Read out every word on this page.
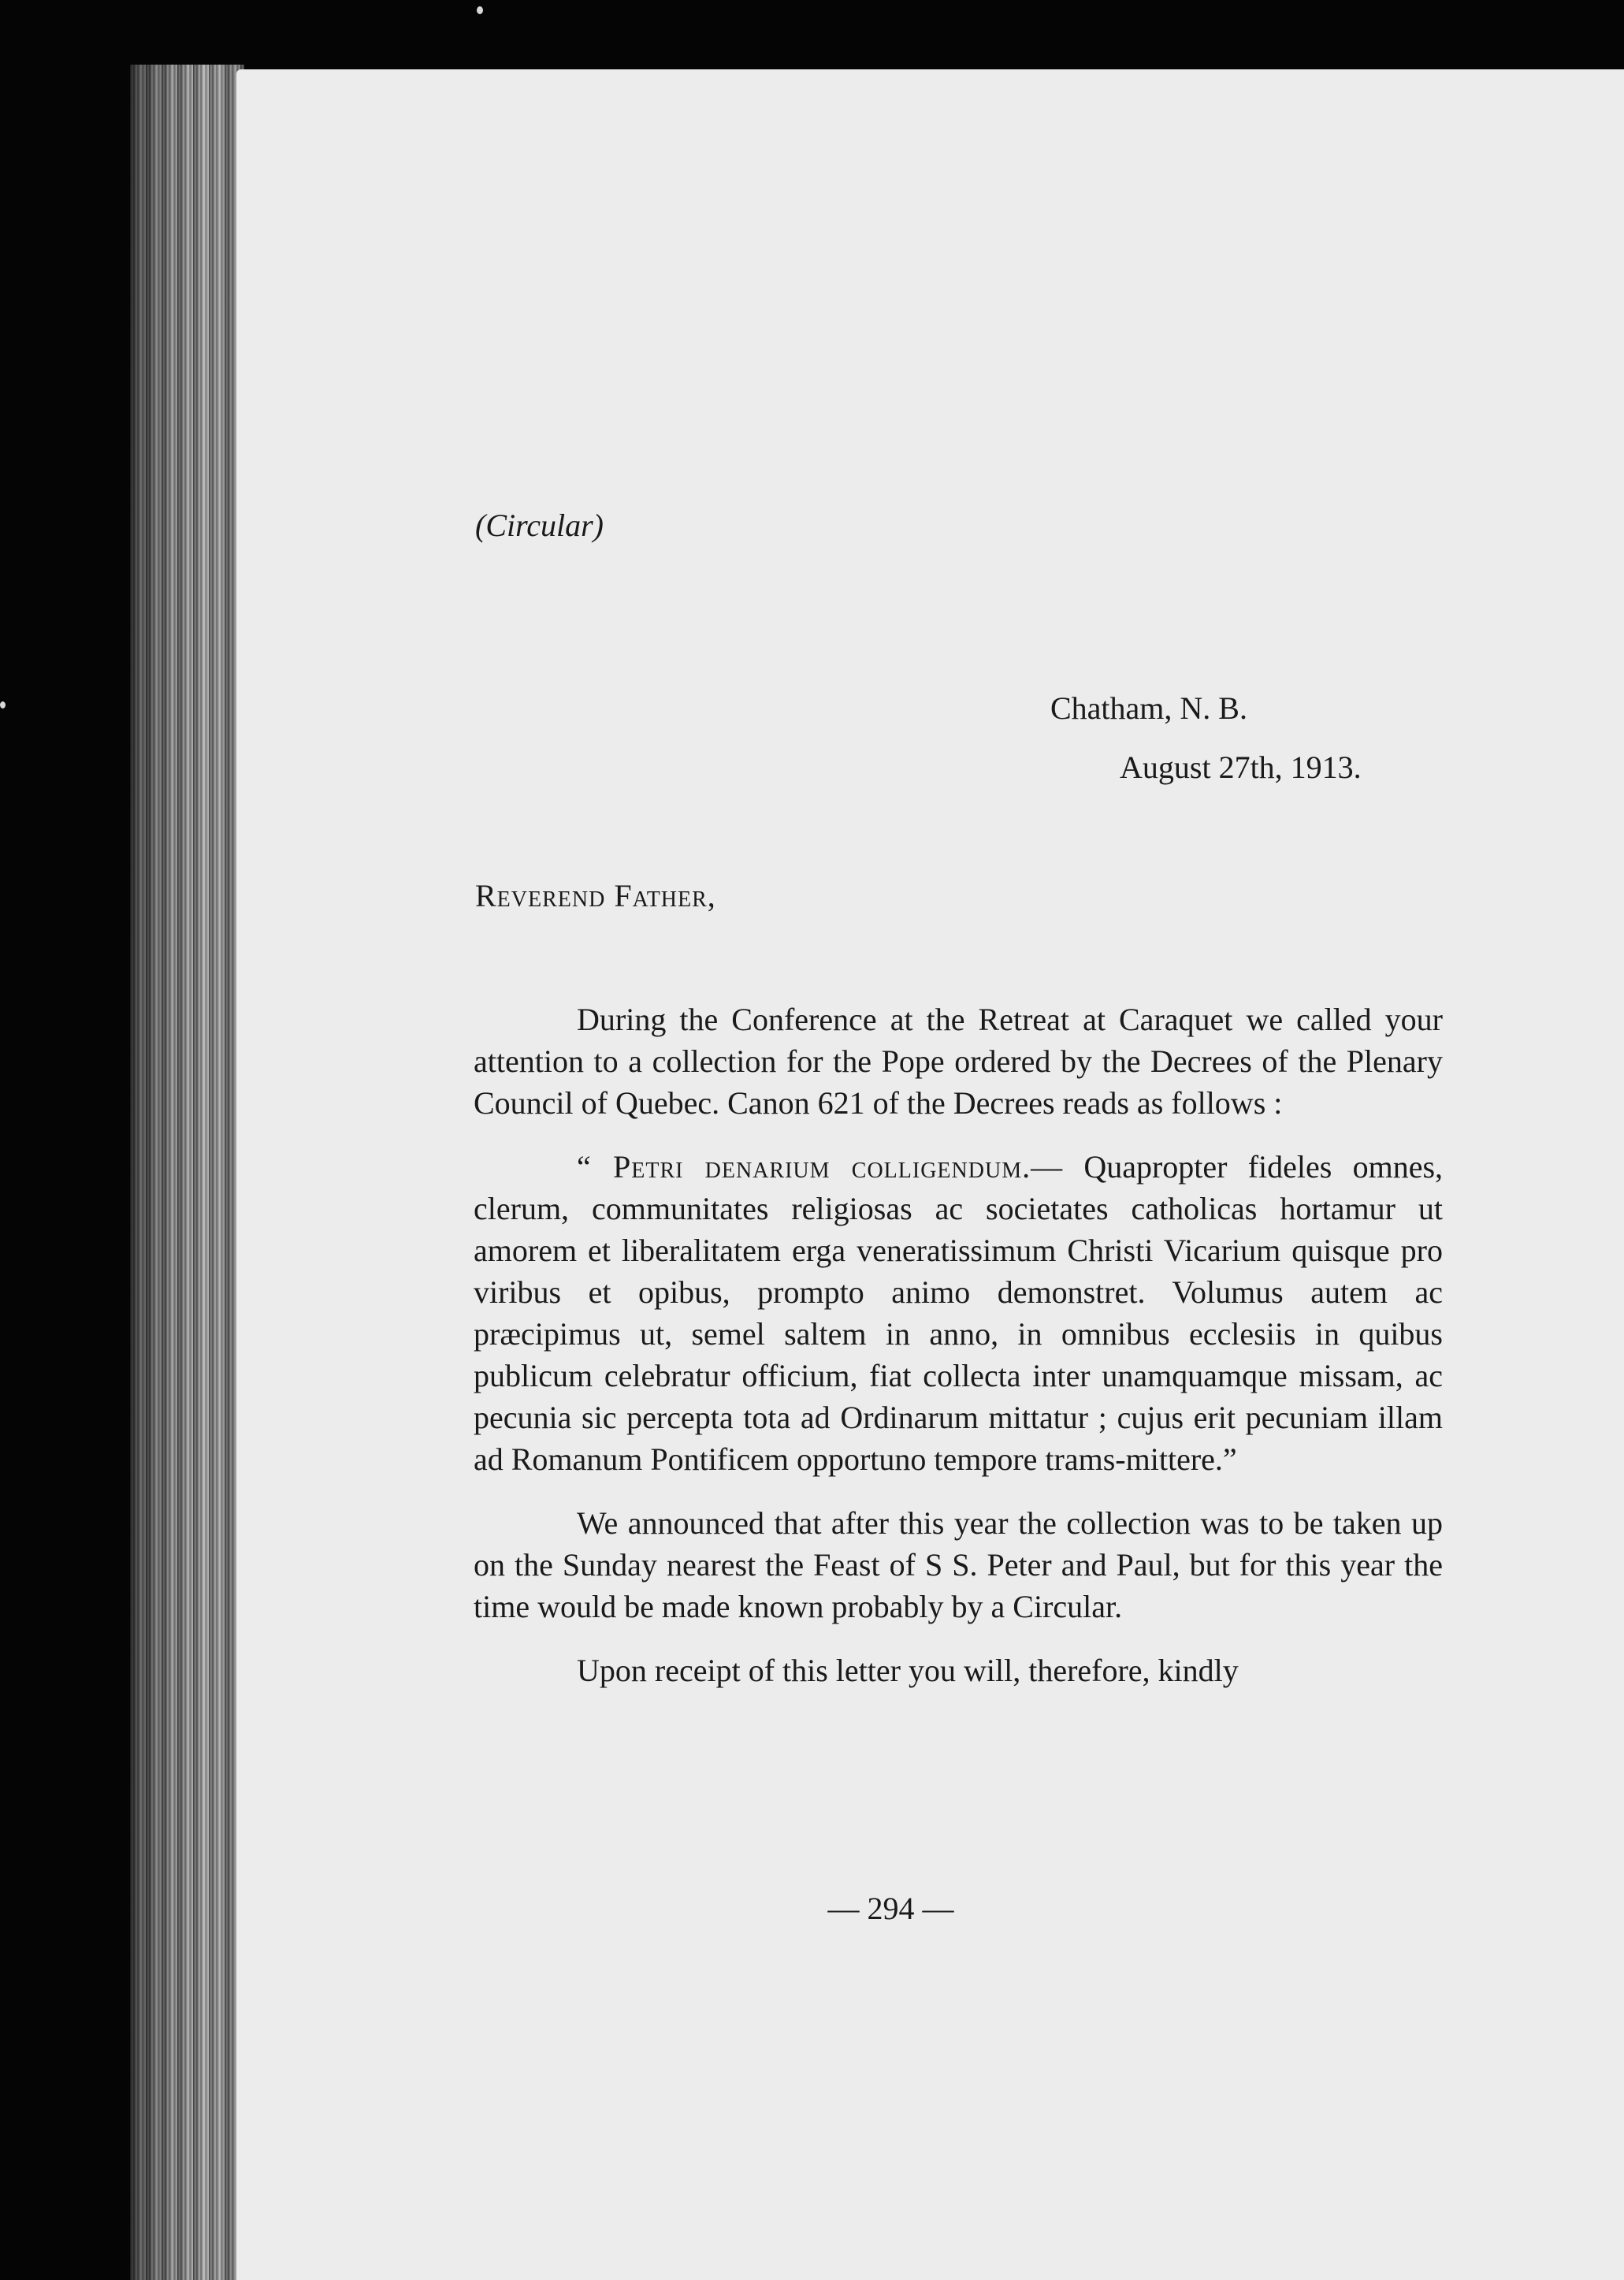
(Circular)
Chatham, N. B.
August 27th, 1913.
Reverend Father,

During the Conference at the Retreat at Caraquet we called your attention to a collection for the Pope ordered by the Decrees of the Plenary Council of Quebec. Canon 621 of the Decrees reads as follows :

“ Petri denarium colligendum.— Quapropter fideles omnes, clerum, communitates religiosas ac societates catholicas hortamur ut amorem et liberalitatem erga veneratissimum Christi Vicarium quisque pro viribus et opibus, prompto animo demonstret. Volumus autem ac præcipimus ut, semel saltem in anno, in omnibus ecclesiis in quibus publicum celebratur officium, fiat collecta inter unamquamque missam, ac pecunia sic percepta tota ad Ordinarum mittatur ; cujus erit pecuniam illam ad Romanum Pontificem opportuno tempore trams-mittere.”

We announced that after this year the collection was to be taken up on the Sunday nearest the Feast of S S. Peter and Paul, but for this year the time would be made known probably by a Circular.

Upon receipt of this letter you will, therefore, kindly

— 294 —
